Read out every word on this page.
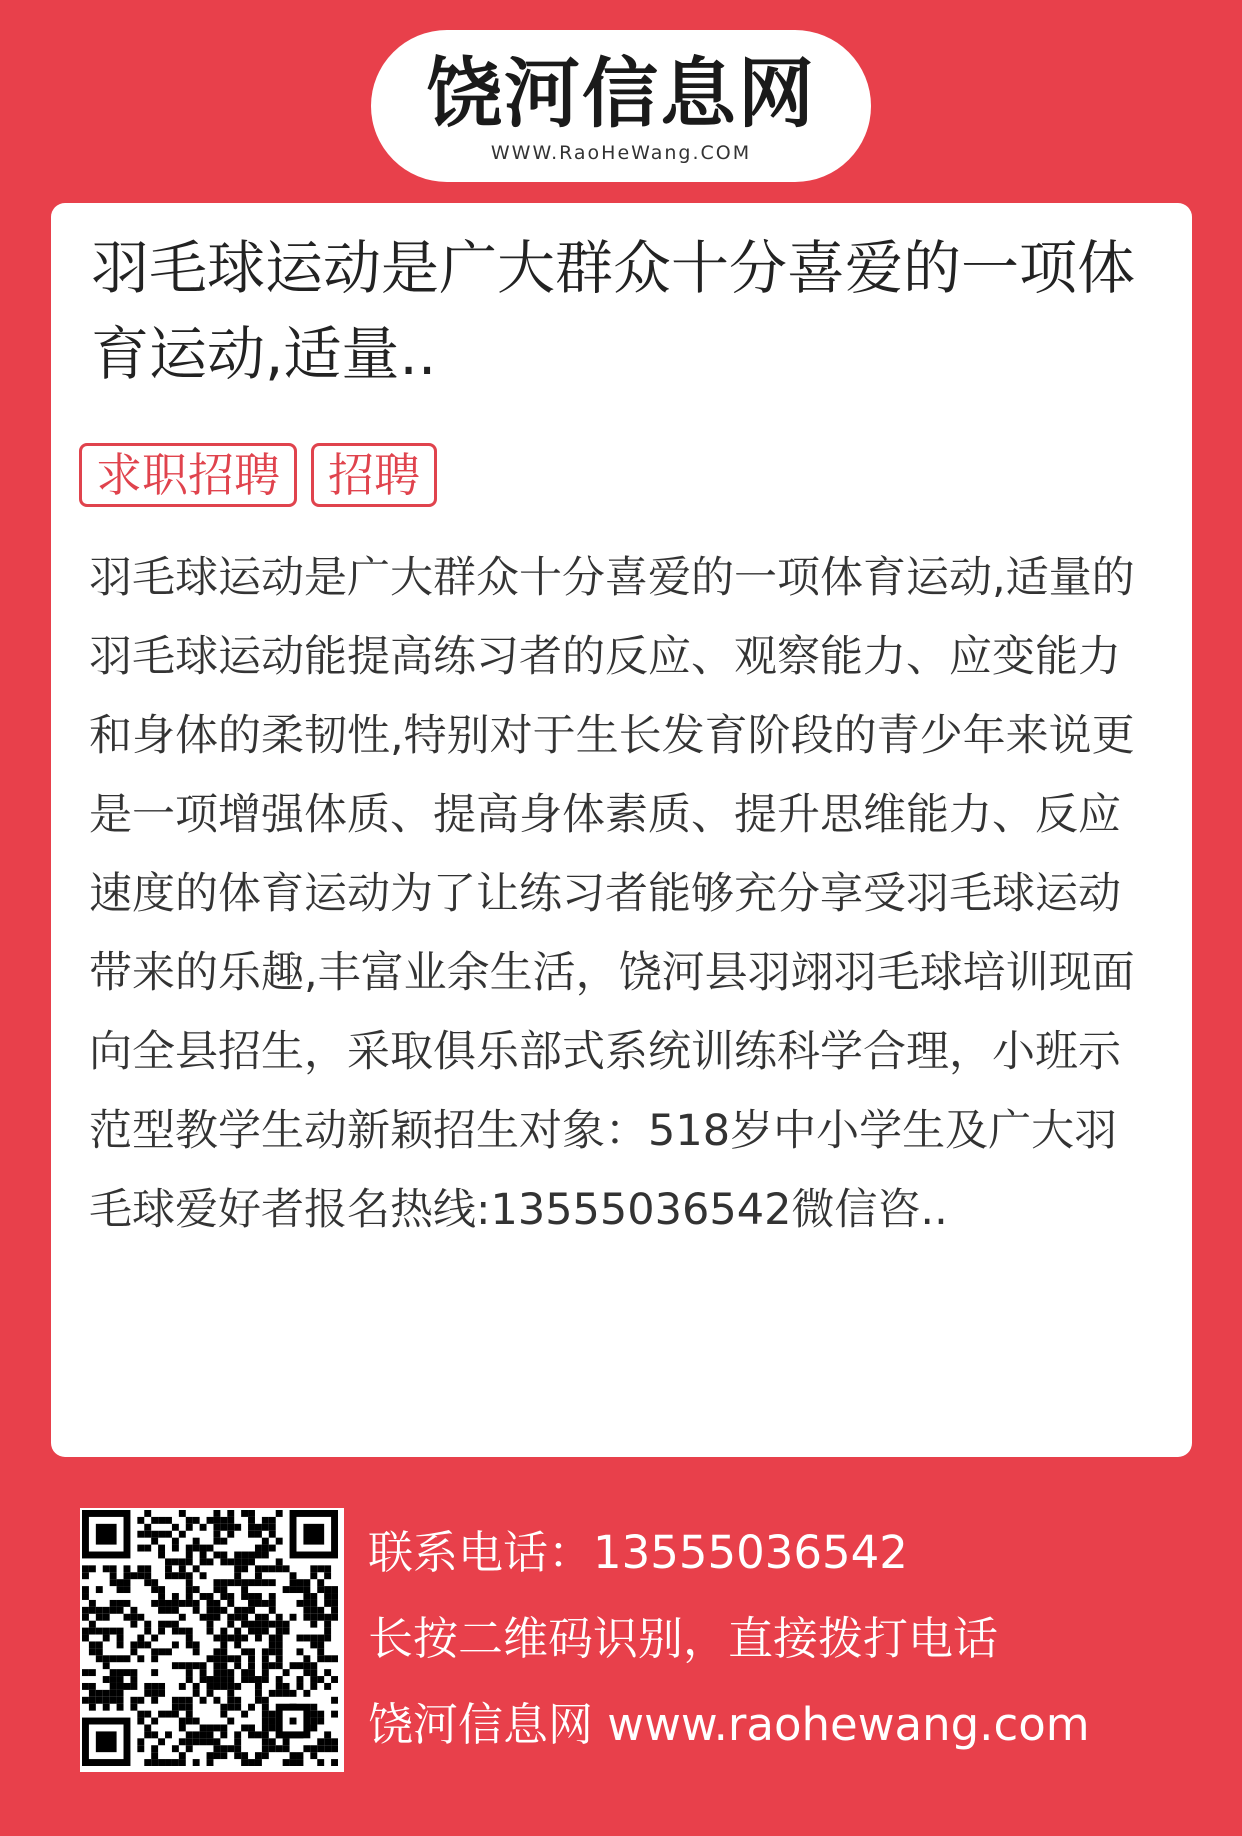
饶河信息网
WWW.RaoHeWang.COM
羽毛球运动是广大群众十分喜爱的一项体育运动,适量..
求职招聘	招聘
羽毛球运动是广大群众十分喜爱的一项体育运动,适量的羽毛球运动能提高练习者的反应、观察能力、应变能力和身体的柔韧性,特别对于生长发育阶段的青少年来说更是一项增强体质、提高身体素质、提升思维能力、反应速度的体育运动为了让练习者能够充分享受羽毛球运动带来的乐趣,丰富业余生活，饶河县羽翊羽毛球培训现面向全县招生，采取俱乐部式系统训练科学合理，小班示范型教学生动新颖招生对象：518岁中小学生及广大羽毛球爱好者报名热线:13555036542微信咨..
联系电话：13555036542
长按二维码识别，直接拨打电话
饶河信息网 www.raohewang.com
